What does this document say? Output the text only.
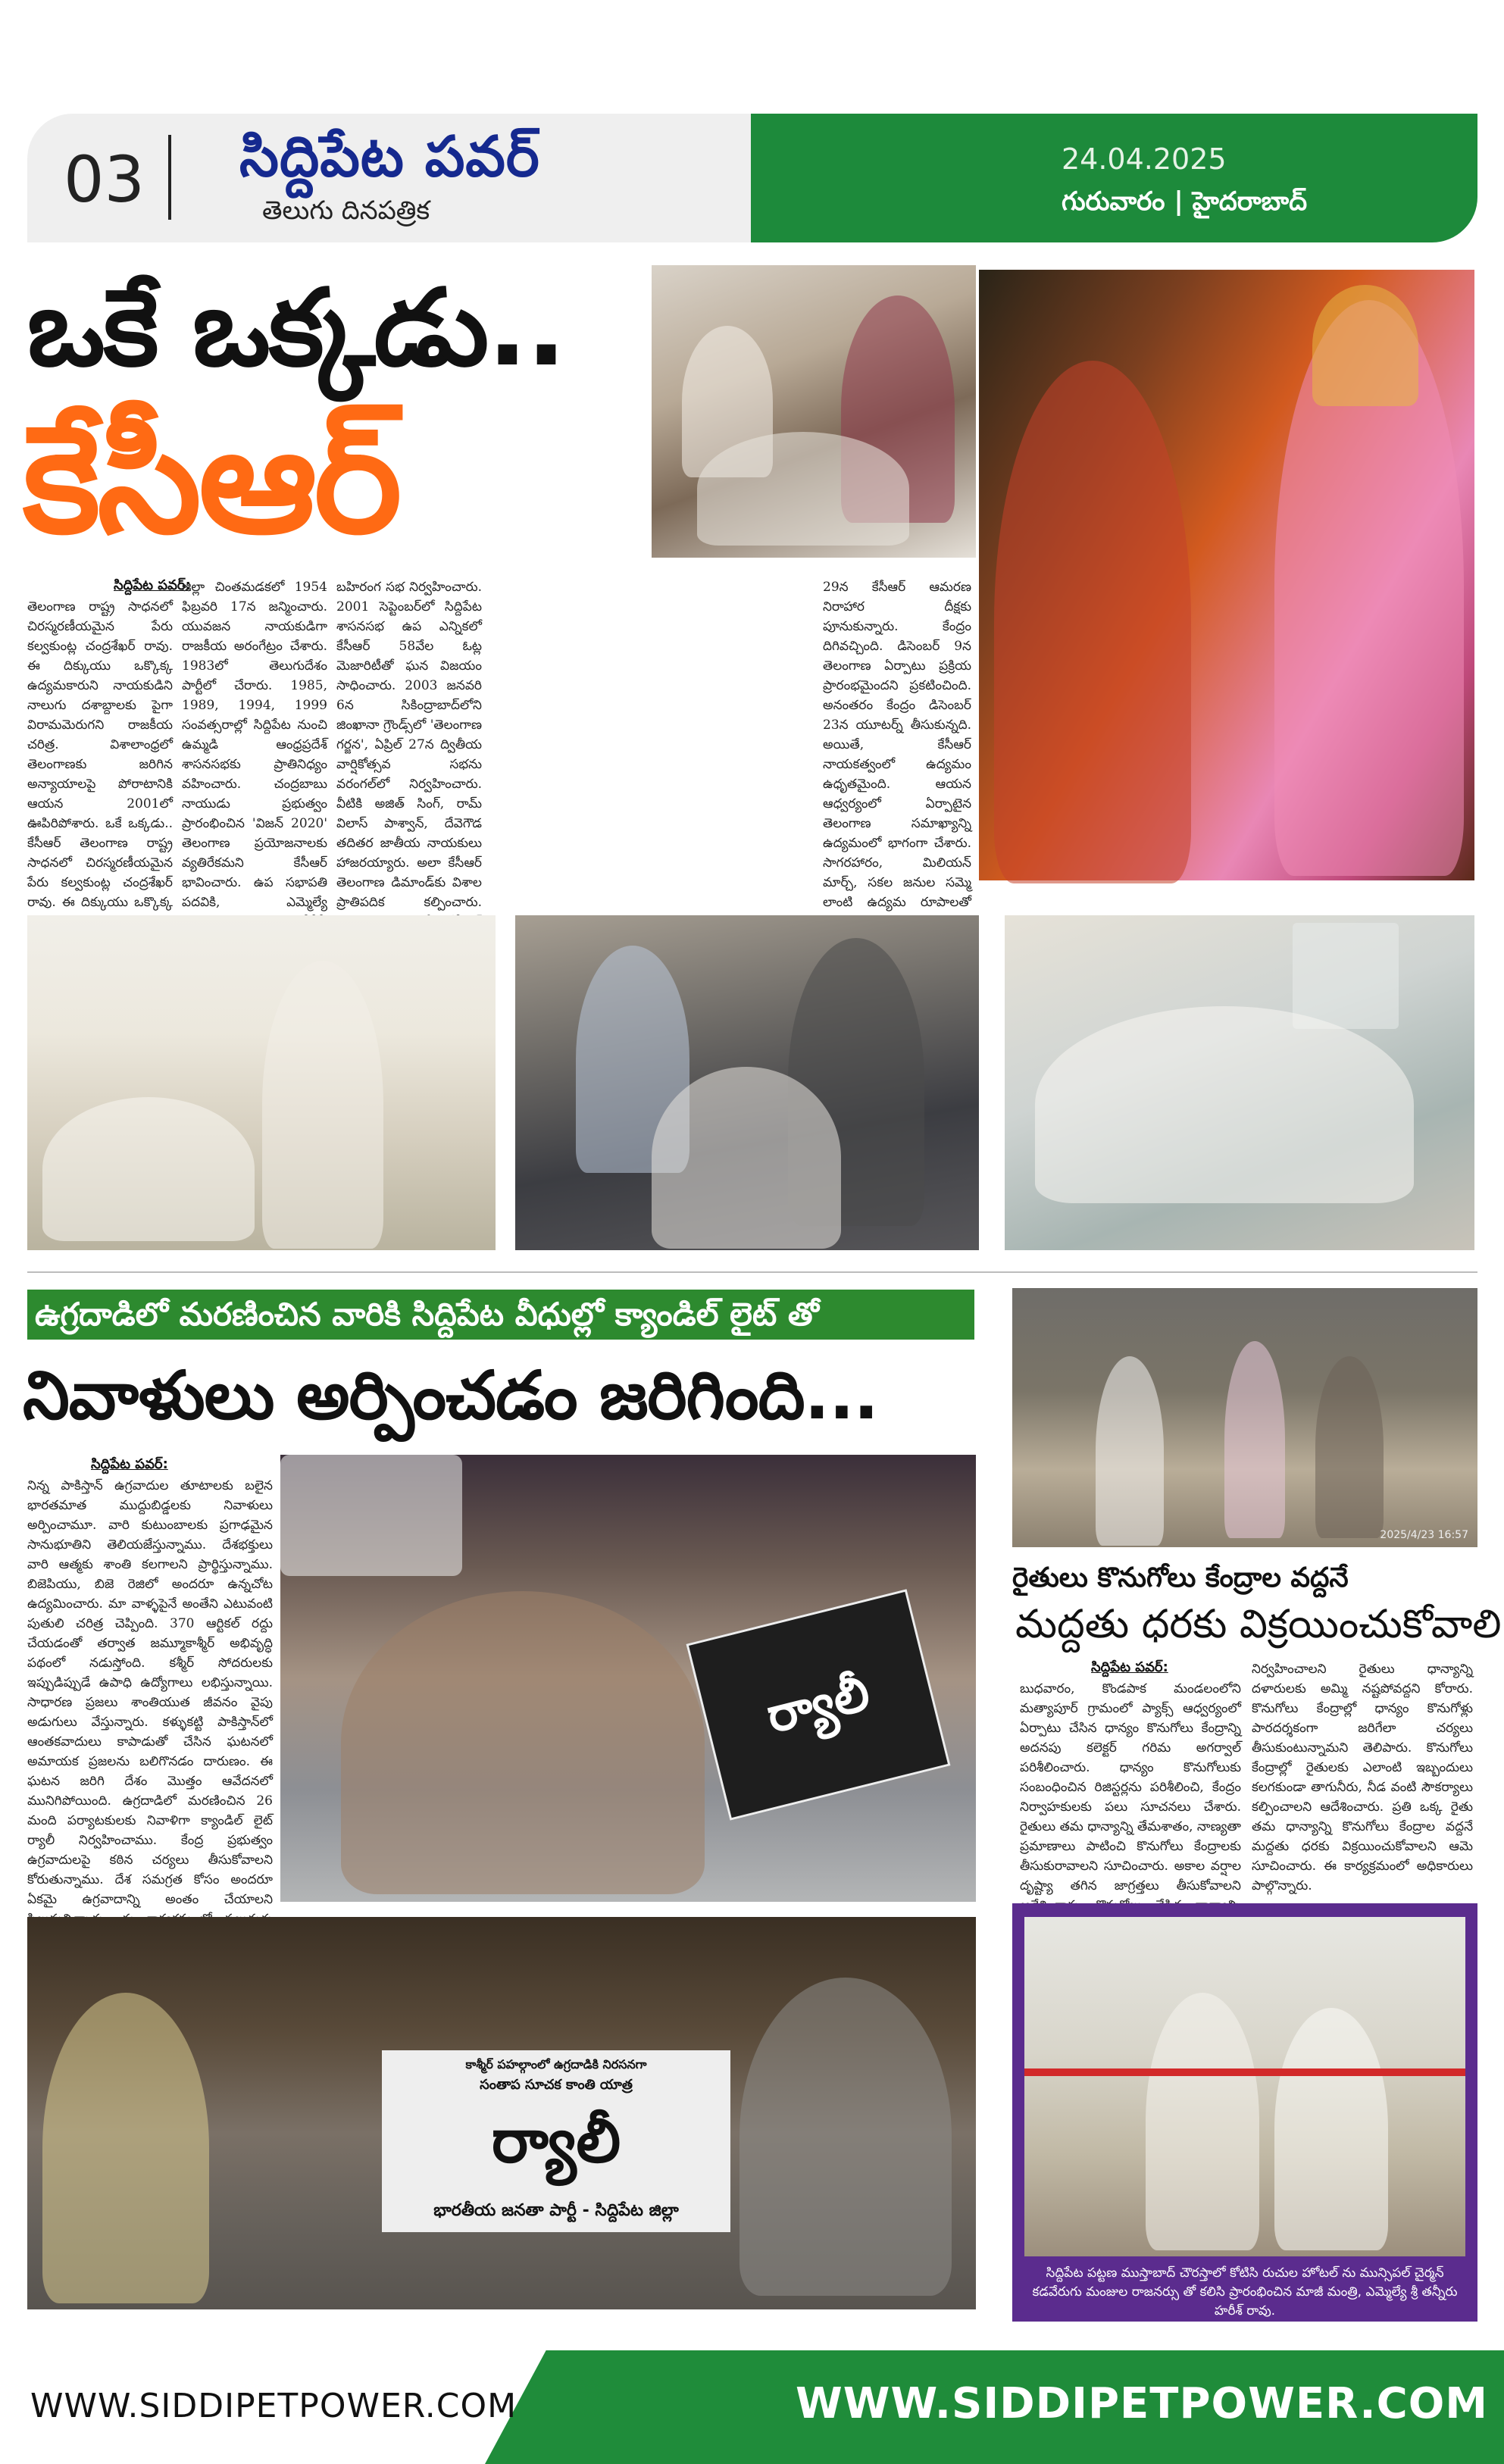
03 సిద్దిపేట పవర్
తెలుగు దినపత్రిక
24.04.2025
గురువారం | హైదరాబాద్
ఒకే ఒక్కడు..
కేసీఆర్
సిద్దిపేట పవర్:
తెలంగాణ రాష్ట్ర సాధనలో చిరస్మరణీయమైన పేరు కల్వకుంట్ల చంద్రశేఖర్ రావు. ఈ దిక్కుయు ఒక్కొక్క ఉద్యమకారుని నాయకుడిని నాలుగు దశాబ్దాలకు పైగా విరామమెరుగని రాజకీయ చరిత్ర. విశాలాంధ్రలో తెలంగాణకు జరిగిన అన్యాయాలపై పోరాటానికి ఆయన 2001లో ఊపిరిపోశారు. ఒకే ఒక్కడు.. కేసీఆర్ తెలంగాణ రాష్ట్ర సాధనలో చిరస్మరణీయమైన పేరు కల్వకుంట్ల చంద్రశేఖర్ రావు. ఈ దిక్కుయు ఒక్కొక్క
జిల్లా చింతమడకలో 1954 ఫిబ్రవరి 17న జన్మించారు. యువజన నాయకుడిగా రాజకీయ అరంగేట్రం చేశారు. 1983లో తెలుగుదేశం పార్టీలో చేరారు. 1985, 1989, 1994, 1999 సంవత్సరాల్లో సిద్దిపేట నుంచి ఉమ్మడి ఆంధ్రప్రదేశ్ శాసనసభకు ప్రాతినిధ్యం వహించారు. చంద్రబాబు నాయుడు ప్రభుత్వం ప్రారంభించిన 'విజన్ 2020' తెలంగాణ ప్రయోజనాలకు వ్యతిరేకమని కేసీఆర్ భావించారు. ఉప సభాపతి పదవికి, ఎమ్మెల్యే
బహిరంగ సభ నిర్వహించారు. 2001 సెప్టెంబర్‌లో సిద్దిపేట శాసనసభ ఉప ఎన్నికలో కేసీఆర్ 58వేల ఓట్ల మెజారిటీతో ఘన విజయం సాధించారు. 2003 జనవరి 6న సికింద్రాబాద్‌లోని జింఖానా గ్రౌండ్స్‌లో 'తెలంగాణ గర్జన', ఏప్రిల్ 27న ద్వితీయ వార్షికోత్సవ సభను వరంగల్‌లో నిర్వహించారు. వీటికి అజిత్ సింగ్, రామ్ విలాస్ పాశ్వాన్, దేవెగౌడ తదితర జాతీయ నాయకులు హాజరయ్యారు. అలా కేసీఆర్ తెలంగాణ డిమాండ్‌కు విశాల ప్రాతిపదిక కల్పించారు.
29న కేసీఆర్ ఆమరణ నిరాహార దీక్షకు పూనుకున్నారు. కేంద్రం దిగివచ్చింది. డిసెంబర్ 9న తెలంగాణ ఏర్పాటు ప్రక్రియ ప్రారంభమైందని ప్రకటించింది. అనంతరం కేంద్రం డిసెంబర్ 23న యూటర్న్ తీసుకున్నది. అయితే, కేసీఆర్ నాయకత్వంలో ఉద్యమం ఉధృతమైంది. ఆయన ఆధ్వర్యంలో ఏర్పాటైన తెలంగాణ సమాఖ్యాన్ని ఉద్యమంలో భాగంగా చేశారు. సాగరహారం, మిలియన్ మార్చ్, సకల జనుల సమ్మె లాంటి ఉద్యమ రూపాలతో
ఉగ్రదాడిలో మరణించిన వారికి సిద్దిపేట వీధుల్లో క్యాండిల్ లైట్ తో
నివాళులు అర్పించడం జరిగింది...
సిద్దిపేట పవర్:
నిన్న పాకిస్తాన్ ఉగ్రవాదుల తూటాలకు బలైన భారతమాత ముద్దుబిడ్డలకు నివాళులు అర్పించామూ. వారి కుటుంబాలకు ప్రగాఢమైన సానుభూతిని తెలియజేస్తున్నాము. దేశభక్తులు వారి ఆత్మకు శాంతి కలగాలని ప్రార్థిస్తున్నాము. బిజెపియు, బిజె రెజిలో అందరూ ఉన్నచోట ఉద్యమించారు. మా వాళ్ళపైనే అంతేని ఎటువంటి పుతులి చరిత్ర చెప్పింది. 370 ఆర్టికల్ రద్దు చేయడంతో తర్వాత జమ్మూకాశ్మీర్ అభివృద్ధి పథంలో నడుస్తోంది. కశ్మీర్ సోదరులకు ఇప్పుడిప్పుడే ఉపాధి ఉద్యోగాలు లభిస్తున్నాయి. సాధారణ ప్రజలు శాంతియుత జీవనం వైపు అడుగులు వేస్తున్నారు. కళ్ళుకట్టి పాకిస్తాన్‌లో ఆంతకవాదులు కాపాడుతో చేసిన ఘటనలో అమాయక ప్రజలను బలిగొనడం దారుణం. ఈ ఘటన జరిగి దేశం మొత్తం ఆవేదనలో మునిగిపోయింది. ఉగ్రదాడిలో మరణించిన 26 మంది పర్యాటకులకు నివాళిగా క్యాండిల్ లైట్ ర్యాలీ నిర్వహించాము. కేంద్ర ప్రభుత్వం ఉగ్రవాదులపై కఠిన చర్యలు తీసుకోవాలని కోరుతున్నాము. దేశ సమగ్రత కోసం అందరూ ఏకమై ఉగ్రవాదాన్ని అంతం చేయాలని
ర్యాలీ
కాశ్మీర్ పహల్గాంలో ఉగ్రదాడికి నిరసనగా
సంతాప సూచక కాంతి యాత్ర
ర్యాలీ
భారతీయ జనతా పార్టీ - సిద్దిపేట జిల్లా
2025/4/23 16:57
రైతులు కొనుగోలు కేంద్రాల వద్దనే
మద్దతు ధరకు విక్రయించుకోవాలి
సిద్దిపేట పవర్:
బుధవారం, కొండపాక మండలంలోని మత్యాపూర్ గ్రామంలో ప్యాక్స్ ఆధ్వర్యంలో ఏర్పాటు చేసిన ధాన్యం కొనుగోలు కేంద్రాన్ని అదనపు కలెక్టర్ గరిమ అగర్వాల్ పరిశీలించారు. ధాన్యం కొనుగోలుకు సంబంధించిన రిజిస్టర్లను పరిశీలించి, కేంద్రం నిర్వాహకులకు పలు సూచనలు చేశారు. రైతులు తమ ధాన్యాన్ని తేమశాతం, నాణ్యతా ప్రమాణాలు పాటించి కొనుగోలు కేంద్రాలకు తీసుకురావాలని సూచించారు. అకాల వర్షాల దృష్ట్యా తగిన జాగ్రత్తలు తీసుకోవాలని
నిర్వహించాలని రైతులు ధాన్యాన్ని దళారులకు అమ్మి నష్టపోవద్దని కోరారు. కొనుగోలు కేంద్రాల్లో ధాన్యం కొనుగోళ్లు పారదర్శకంగా జరిగేలా చర్యలు తీసుకుంటున్నామని తెలిపారు. కొనుగోలు కేంద్రాల్లో రైతులకు ఎలాంటి ఇబ్బందులు కలగకుండా తాగునీరు, నీడ వంటి సౌకర్యాలు కల్పించాలని ఆదేశించారు. ప్రతి ఒక్క రైతు తమ ధాన్యాన్ని కొనుగోలు కేంద్రాల వద్దనే మద్దతు ధరకు విక్రయించుకోవాలని ఆమె సూచించారు. ఈ కార్యక్రమంలో అధికారులు పాల్గొన్నారు.
సిద్దిపేట పట్టణ ముస్తాబాద్ చౌరస్తాలో కోటిసి రుచుల హోటల్ ను మున్సిపల్ చైర్మన్ కడవేరుగు మంజుల రాజనర్సు తో కలిసి ప్రారంభించిన మాజీ మంత్రి, ఎమ్మెల్యే శ్రీ తన్నీరు హరీశ్ రావు.
WWW.SIDDIPETPOWER.COM	WWW.SIDDIPETPOWER.COM
